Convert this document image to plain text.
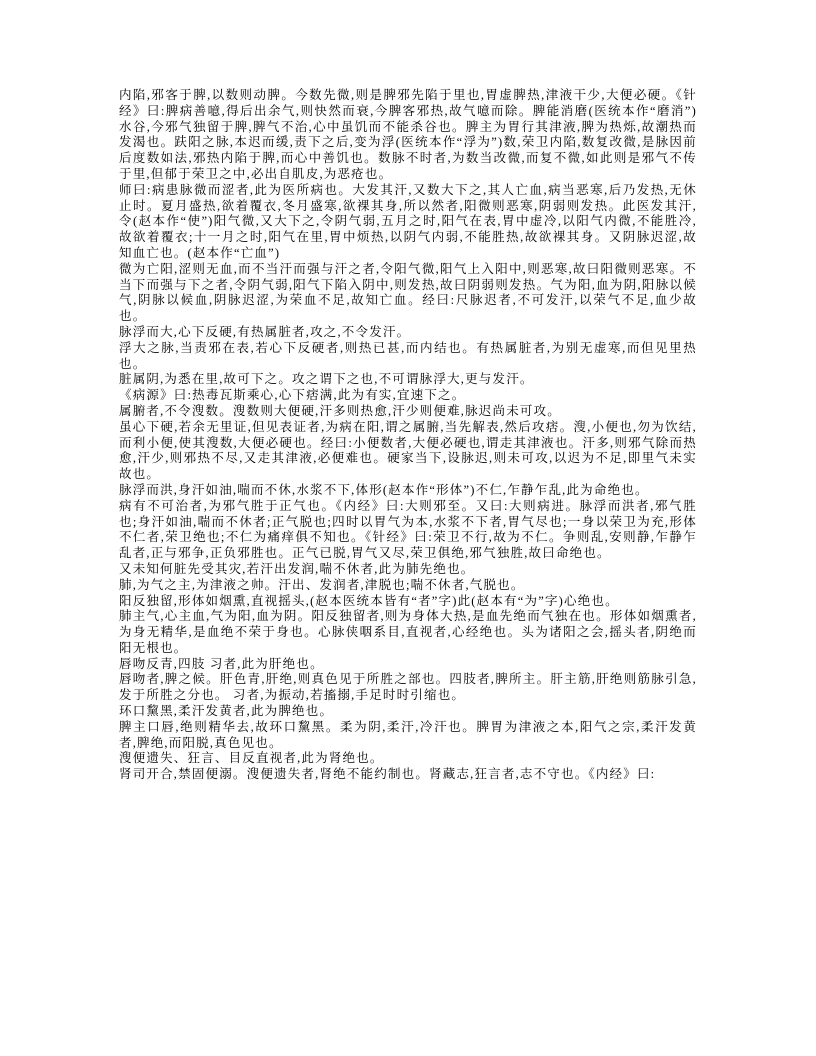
内陷,邪客于脾,以数则动脾。今数先微,则是脾邪先陷于里也,胃虚脾热,津液干少,大便必硬。《针经》曰:脾病善噫,得后出余气,则快然而衰,今脾客邪热,故气噫而除。脾能消磨(医统本作“磨消”)水谷,今邪气独留于脾,脾气不治,心中虽饥而不能杀谷也。脾主为胃行其津液,脾为热烁,故潮热而发渴也。趺阳之脉,本迟而缓,责下之后,变为浮(医统本作“浮为”)数,荣卫内陷,数复改微,是脉因前后度数如法,邪热内陷于脾,而心中善饥也。数脉不时者,为数当改微,而复不微,如此则是邪气不传于里,但郁于荣卫之中,必出自肌皮,为恶疮也。

师曰:病患脉微而涩者,此为医所病也。大发其汗,又数大下之,其人亡血,病当恶寒,后乃发热,无休止时。夏月盛热,欲着覆衣,冬月盛寒,欲裸其身,所以然者,阳微则恶寒,阴弱则发热。此医发其汗,令(赵本作“使”)阳气微,又大下之,令阴气弱,五月之时,阳气在表,胃中虚冷,以阳气内微,不能胜冷,故欲着覆衣;十一月之时,阳气在里,胃中烦热,以阴气内弱,不能胜热,故欲裸其身。又阴脉迟涩,故知血亡也。(赵本作“亡血”)

微为亡阳,涩则无血,而不当汗而强与汗之者,令阳气微,阳气上入阳中,则恶寒,故曰阳微则恶寒。不当下而强与下之者,令阴气弱,阳气下陷入阴中,则发热,故曰阴弱则发热。气为阳,血为阴,阳脉以候气,阴脉以候血,阴脉迟涩,为荣血不足,故知亡血。经曰:尺脉迟者,不可发汗,以荣气不足,血少故也。

脉浮而大,心下反硬,有热属脏者,攻之,不令发汗。

浮大之脉,当责邪在表,若心下反硬者,则热已甚,而内结也。有热属脏者,为别无虚寒,而但见里热也。

脏属阴,为悉在里,故可下之。攻之谓下之也,不可谓脉浮大,更与发汗。

《病源》曰:热毒瓦斯乘心,心下痞满,此为有实,宜速下之。

属腑者,不令溲数。溲数则大便硬,汗多则热愈,汗少则便难,脉迟尚未可攻。

虽心下硬,若余无里证,但见表证者,为病在阳,谓之属腑,当先解表,然后攻痞。溲,小便也,勿为饮结,而利小便,使其溲数,大便必硬也。经曰:小便数者,大便必硬也,谓走其津液也。汗多,则邪气除而热愈,汗少,则邪热不尽,又走其津液,必便难也。硬家当下,设脉迟,则未可攻,以迟为不足,即里气未实故也。

脉浮而洪,身汗如油,喘而不休,水浆不下,体形(赵本作“形体”)不仁,乍静乍乱,此为命绝也。

病有不可治者,为邪气胜于正气也。《内经》曰:大则邪至。又曰:大则病进。脉浮而洪者,邪气胜也;身汗如油,喘而不休者;正气脱也;四时以胃气为本,水浆不下者,胃气尽也;一身以荣卫为充,形体不仁者,荣卫绝也;不仁为痛痒俱不知也。《针经》曰:荣卫不行,故为不仁。争则乱,安则静,乍静乍乱者,正与邪争,正负邪胜也。正气已脱,胃气又尽,荣卫俱绝,邪气独胜,故曰命绝也。

又未知何脏先受其灾,若汗出发润,喘不休者,此为肺先绝也。

肺,为气之主,为津液之帅。汗出、发润者,津脱也;喘不休者,气脱也。

阳反独留,形体如烟熏,直视摇头,(赵本医统本皆有“者”字)此(赵本有“为”字)心绝也。

肺主气,心主血,气为阳,血为阴。阳反独留者,则为身体大热,是血先绝而气独在也。形体如烟熏者,为身无精华,是血绝不荣于身也。心脉侠咽系目,直视者,心经绝也。头为诸阳之会,摇头者,阴绝而阳无根也。

唇吻反青,四肢 习者,此为肝绝也。

唇吻者,脾之候。肝色青,肝绝,则真色见于所胜之部也。四肢者,脾所主。肝主筋,肝绝则筋脉引急,发于所胜之分也。 习者,为振动,若搐搦,手足时时引缩也。

环口黧黑,柔汗发黄者,此为脾绝也。

脾主口唇,绝则精华去,故环口黧黑。柔为阴,柔汗,冷汗也。脾胃为津液之本,阳气之宗,柔汗发黄者,脾绝,而阳脱,真色见也。

溲便遗失、狂言、目反直视者,此为肾绝也。

肾司开合,禁固便溺。溲便遗失者,肾绝不能约制也。肾藏志,狂言者,志不守也。《内经》曰:
